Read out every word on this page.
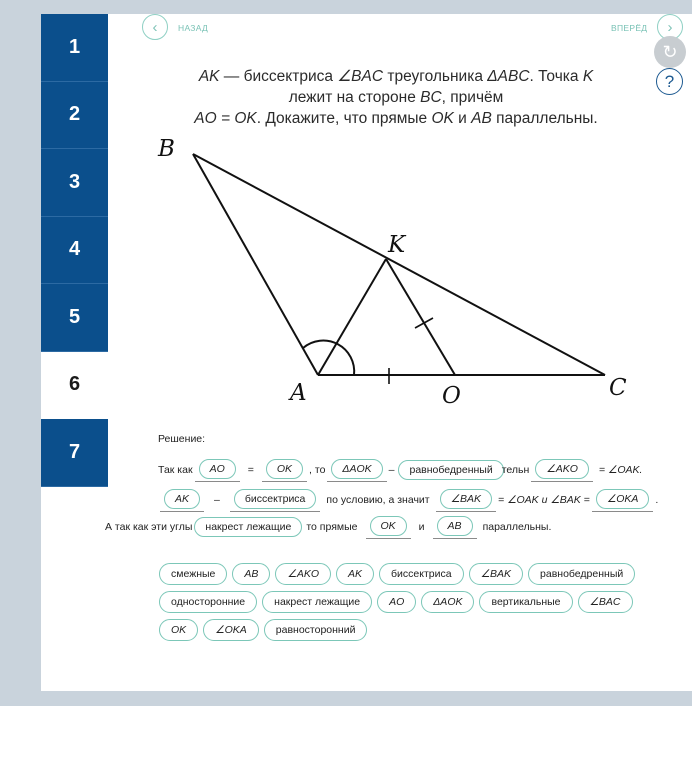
1
2
3
4
5
6
7
‹ НАЗАД	ВПЕРЁД ›
↻
?
AK — биссектриса ∠BAC треугольника ΔABC. Точка K
лежит на стороне BC, причём
AO = OK. Докажите, что прямые OK и AB параллельны.
B
K
A	O	C
Решение:
Так как	AO	=	OK	, то	ΔAOK	–	равнобедренный тельн	∠AKO	= ∠OAK.
AK	–	биссектриса	по условию, а значит	∠BAK	= ∠OAK и ∠BAK =	∠OKA	.
А так как эти углы	накрест лежащие	то прямые	OK	и	AB	параллельны.
смежные	AB	∠AKO	AK	биссектриса	∠BAK	равнобедренный
односторонние	накрест лежащие	AO	ΔAOK	вертикальные	∠BAC
OK	∠OKA	равносторонний
